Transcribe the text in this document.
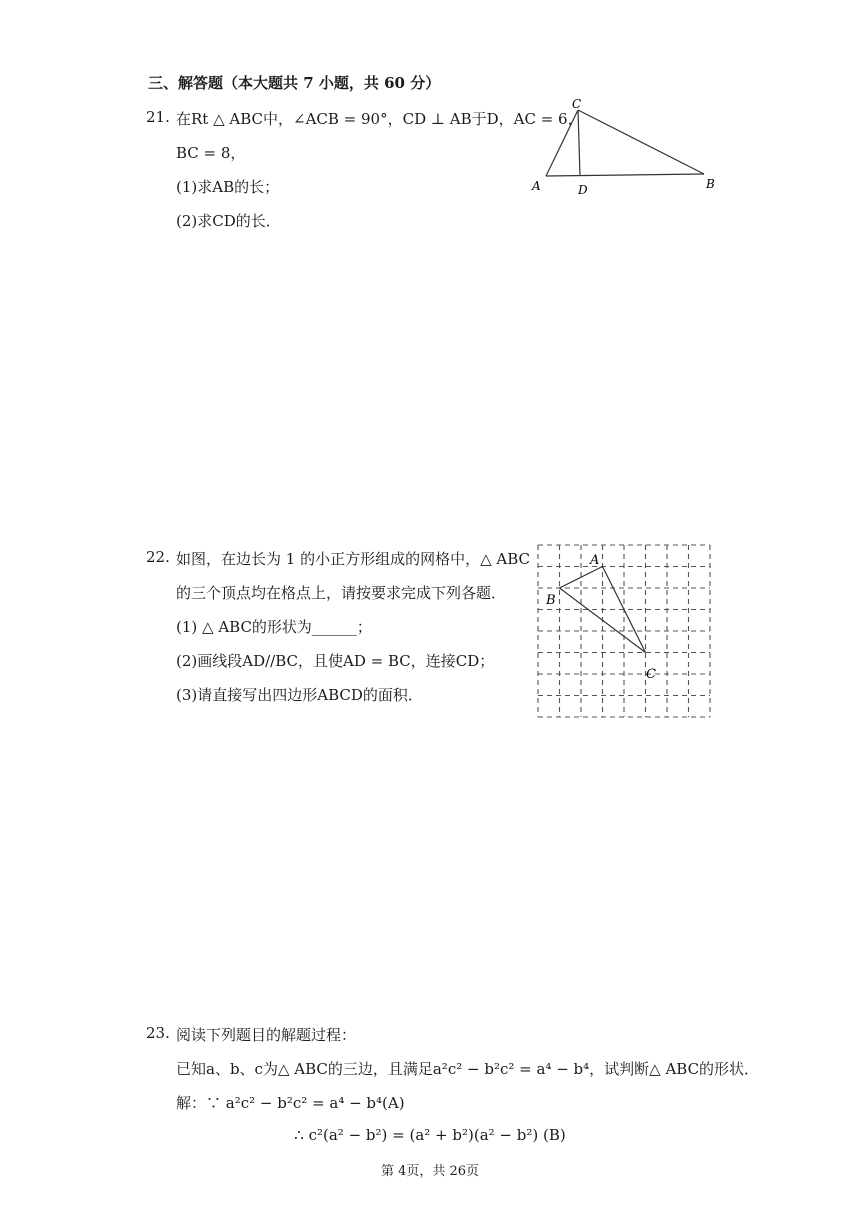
三、解答题（本大题共 7 小题，共 60 分）
21. 在Rt △ ABC中，∠ACB = 90°，CD ⊥ AB于D，AC = 6，
BC = 8，
(1)求AB的长；
(2)求CD的长．
C
A	D	B
22. 如图，在边长为 1 的小正方形组成的网格中，△ ABC
的三个顶点均在格点上，请按要求完成下列各题．
(1) △ ABC的形状为______；
(2)画线段AD//BC，且使AD = BC，连接CD；
(3)请直接写出四边形ABCD的面积．
A
B
C
23. 阅读下列题目的解题过程：
已知a、b、c为△ ABC的三边，且满足a²c² − b²c² = a⁴ − b⁴，试判断△ ABC的形状．
解：∵ a²c² − b²c² = a⁴ − b⁴(A)
∴ c²(a² − b²) = (a² + b²)(a² − b²) (B)
第 4页，共 26页
